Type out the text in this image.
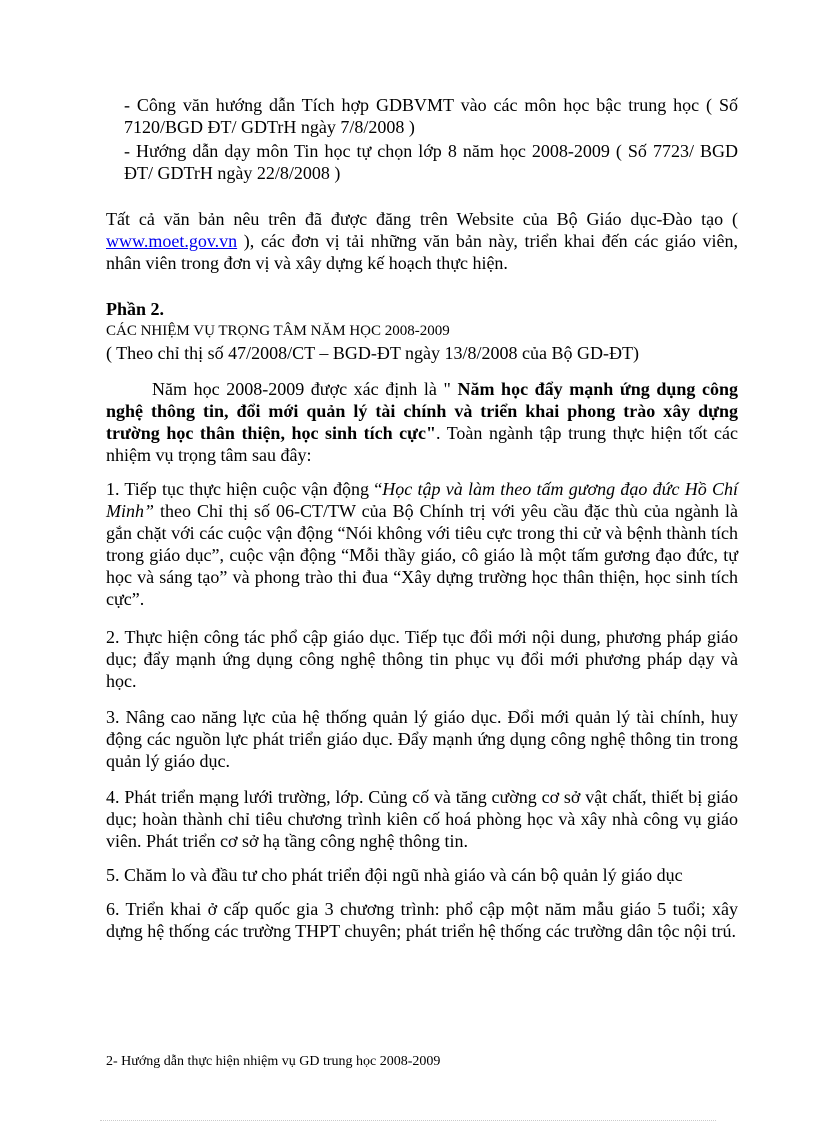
- Công văn hướng dẫn Tích hợp GDBVMT vào các môn học bậc trung học ( Số 7120/BGD ĐT/ GDTrH ngày 7/8/2008 )

- Hướng dẫn dạy môn Tin học tự chọn lớp 8 năm học 2008-2009 ( Số 7723/ BGD ĐT/ GDTrH ngày 22/8/2008 )

Tất cả văn bản nêu trên đã được đăng trên Website của Bộ Giáo dục-Đào tạo ( www.moet.gov.vn ), các đơn vị tải những văn bản này, triển khai đến các giáo viên, nhân viên trong đơn vị và xây dựng kế hoạch thực hiện.

Phần 2.

CÁC NHIỆM VỤ TRỌNG TÂM NĂM HỌC 2008-2009

( Theo chỉ thị số 47/2008/CT – BGD-ĐT ngày 13/8/2008 của Bộ GD-ĐT)

Năm học 2008-2009 được xác định là " Năm học đẩy mạnh ứng dụng công nghệ thông tin, đổi mới quản lý tài chính và triển khai phong trào xây dựng trường học thân thiện, học sinh tích cực". Toàn ngành tập trung thực hiện tốt các nhiệm vụ trọng tâm sau đây:

1. Tiếp tục thực hiện cuộc vận động “Học tập và làm theo tấm gương đạo đức Hồ Chí Minh” theo Chỉ thị số 06-CT/TW của Bộ Chính trị với yêu cầu đặc thù của ngành là gắn chặt với các cuộc vận động “Nói không với tiêu cực trong thi cử và bệnh thành tích trong giáo dục”, cuộc vận động “Mỗi thầy giáo, cô giáo là một tấm gương đạo đức, tự học và sáng tạo” và phong trào thi đua “Xây dựng trường học thân thiện, học sinh tích cực”.

2. Thực hiện công tác phổ cập giáo dục. Tiếp tục đổi mới nội dung, phương pháp giáo dục; đẩy mạnh ứng dụng công nghệ thông tin phục vụ đổi mới phương pháp dạy và học.

3. Nâng cao năng lực của hệ thống quản lý giáo dục. Đổi mới quản lý tài chính, huy động các nguồn lực phát triển giáo dục. Đẩy mạnh ứng dụng công nghệ thông tin trong quản lý giáo dục.

4. Phát triển mạng lưới trường, lớp. Củng cố và tăng cường cơ sở vật chất, thiết bị giáo dục; hoàn thành chỉ tiêu chương trình kiên cố hoá phòng học và xây nhà công vụ giáo viên. Phát triển cơ sở hạ tầng công nghệ thông tin.

5. Chăm lo và đầu tư cho phát triển đội ngũ nhà giáo và cán bộ quản lý giáo dục

6. Triển khai ở cấp quốc gia 3 chương trình: phổ cập một năm mẫu giáo 5 tuổi; xây dựng hệ thống các trường THPT chuyên; phát triển hệ thống các trường dân tộc nội trú.

2- Hướng dẫn thực hiện nhiệm vụ GD trung học 2008-2009
